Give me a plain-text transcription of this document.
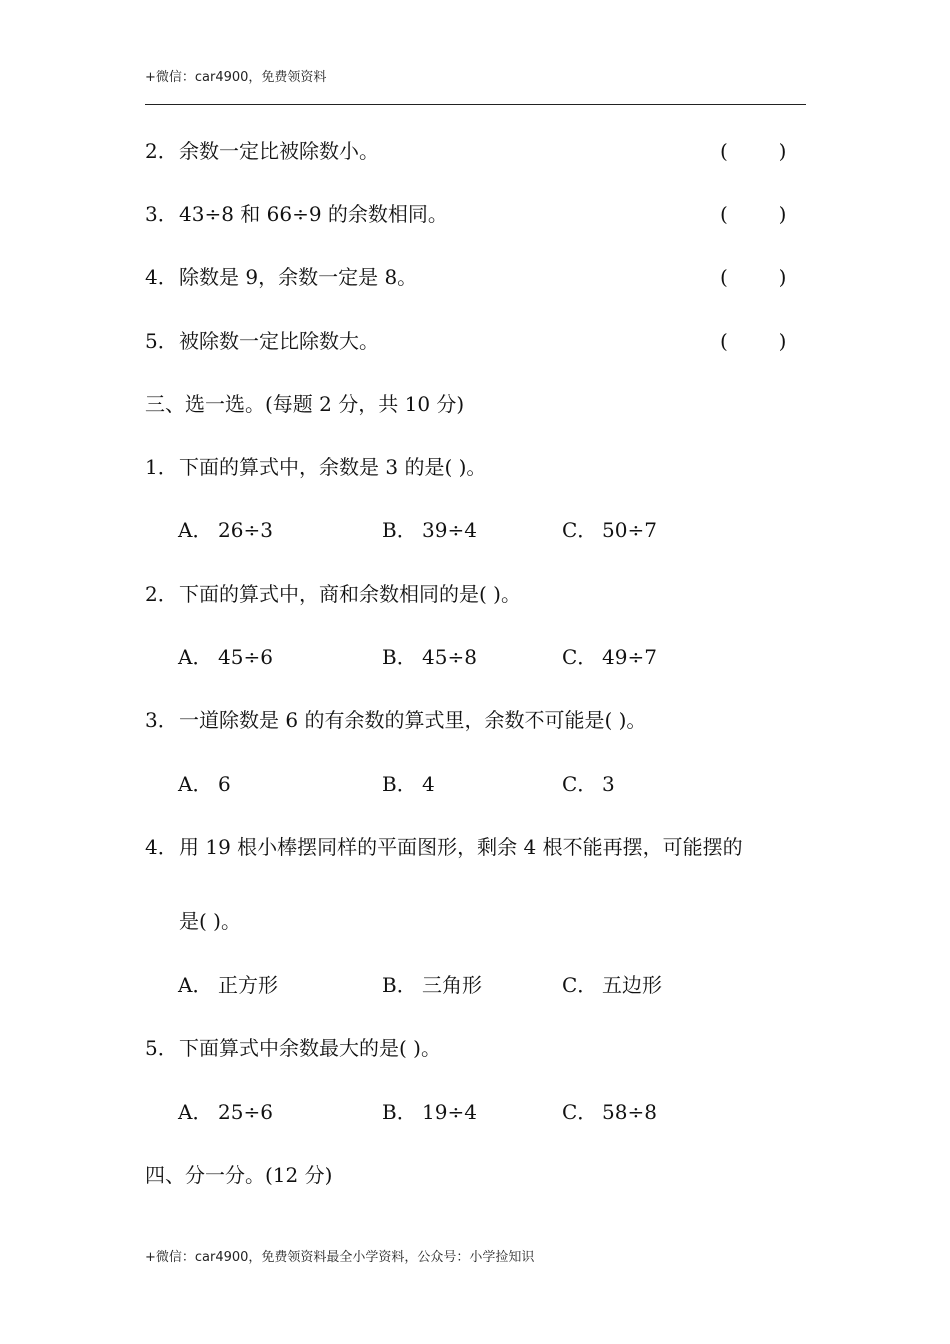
+微信：car4900，免费领资料
2．余数一定比被除数小。	(        )
3．43÷8 和 66÷9 的余数相同。	(        )
4．除数是 9，余数一定是 8。	(        )
5．被除数一定比除数大。	(        )
三、选一选。(每题 2 分，共 10 分)
1．下面的算式中，余数是 3 的是( )。
A． 26÷3	B． 39÷4	C． 50÷7
2．下面的算式中，商和余数相同的是( )。
A． 45÷6	B． 45÷8	C． 49÷7
3．一道除数是 6 的有余数的算式里，余数不可能是( )。
A． 6	B． 4	C． 3
4．用 19 根小棒摆同样的平面图形，剩余 4 根不能再摆，可能摆的
是( )。
A． 正方形	B． 三角形	C． 五边形
5．下面算式中余数最大的是( )。
A． 25÷6	B． 19÷4	C． 58÷8
四、分一分。(12 分)
+微信：car4900，免费领资料最全小学资料，公众号：小学捡知识
